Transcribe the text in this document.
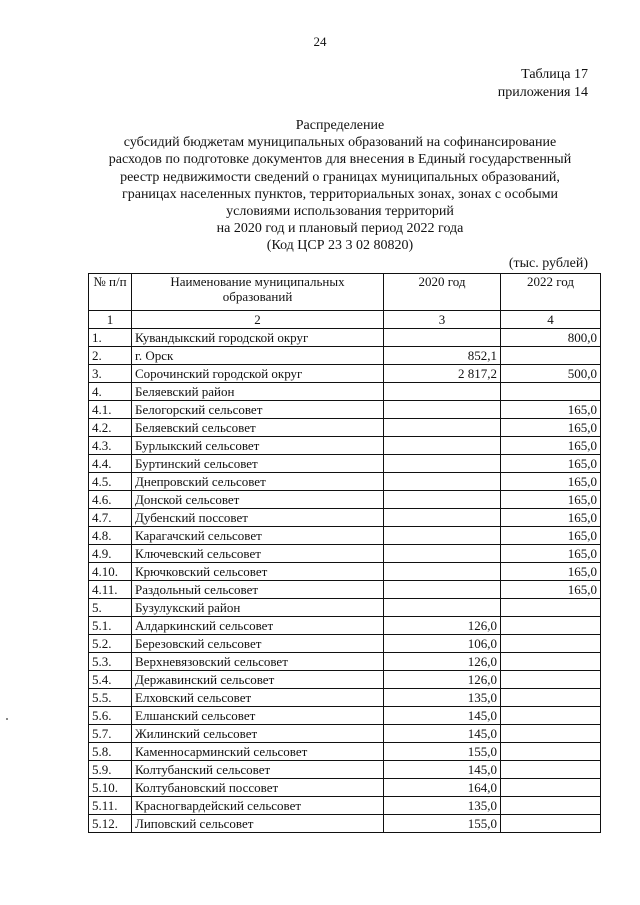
24
Таблица 17
приложения 14
Распределение
субсидий бюджетам муниципальных образований на софинансирование
расходов по подготовке документов для внесения в Единый государственный
реестр недвижимости сведений о границах муниципальных образований,
границах населенных пунктов, территориальных зонах, зонах с особыми
условиями использования территорий
на 2020 год и плановый период 2022 года
(Код ЦСР 23 3 02 80820)
(тыс. рублей)
№ п/п	Наименование муниципальных образований	2020 год	2022 год
1	2	3	4
1.	Кувандыкский городской округ		800,0
2.	г. Орск	852,1	
3.	Сорочинский городской округ	2 817,2	500,0
4.	Беляевский район		
4.1.	Белогорский сельсовет		165,0
4.2.	Беляевский сельсовет		165,0
4.3.	Бурлыкский сельсовет		165,0
4.4.	Буртинский сельсовет		165,0
4.5.	Днепровский сельсовет		165,0
4.6.	Донской сельсовет		165,0
4.7.	Дубенский поссовет		165,0
4.8.	Карагачский сельсовет		165,0
4.9.	Ключевский сельсовет		165,0
4.10.	Крючковский сельсовет		165,0
4.11.	Раздольный сельсовет		165,0
5.	Бузулукский район		
5.1.	Алдаркинский сельсовет	126,0	
5.2.	Березовский сельсовет	106,0	
5.3.	Верхневязовский сельсовет	126,0	
5.4.	Державинский сельсовет	126,0	
5.5.	Елховский сельсовет	135,0	
5.6.	Елшанский сельсовет	145,0	
5.7.	Жилинский сельсовет	145,0	
5.8.	Каменносарминский сельсовет	155,0	
5.9.	Колтубанский сельсовет	145,0	
5.10.	Колтубановский поссовет	164,0	
5.11.	Красногвардейский сельсовет	135,0	
5.12.	Липовский сельсовет	155,0	
